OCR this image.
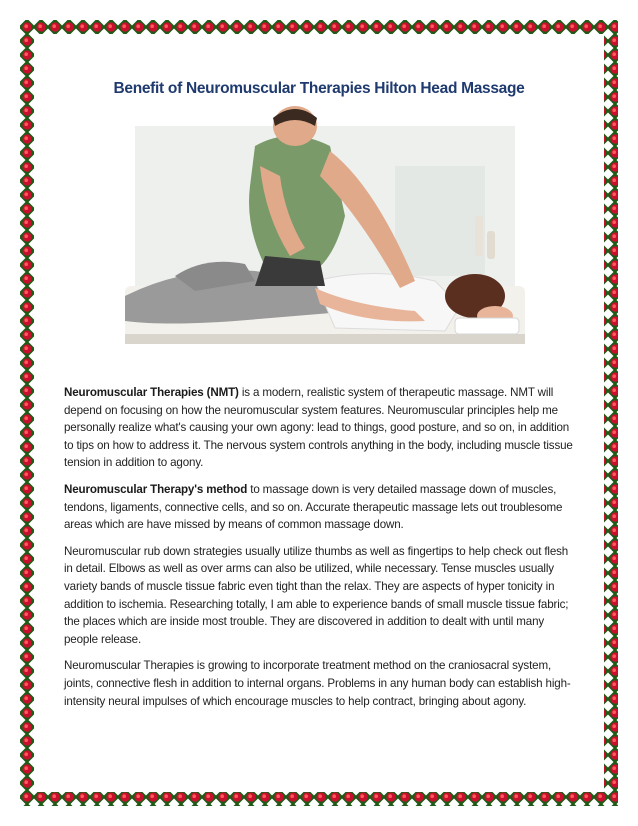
Benefit of Neuromuscular Therapies Hilton Head Massage

Neuromuscular Therapies (NMT) is a modern, realistic system of therapeutic massage. NMT will depend on focusing on how the neuromuscular system features. Neuromuscular principles help me personally realize what's causing your own agony: lead to things, good posture, and so on, in addition to tips on how to address it. The nervous system controls anything in the body, including muscle tissue tension in addition to agony.

Neuromuscular Therapy's method to massage down is very detailed massage down of muscles, tendons, ligaments, connective cells, and so on. Accurate therapeutic massage lets out troublesome areas which are have missed by means of common massage down.

Neuromuscular rub down strategies usually utilize thumbs as well as fingertips to help check out flesh in detail. Elbows as well as over arms can also be utilized, while necessary. Tense muscles usually variety bands of muscle tissue fabric even tight than the relax. They are aspects of hyper tonicity in addition to ischemia. Researching totally, I am able to experience bands of small muscle tissue fabric; the places which are inside most trouble. They are discovered in addition to dealt with until many people release.

Neuromuscular Therapies is growing to incorporate treatment method on the craniosacral system, joints, connective flesh in addition to internal organs. Problems in any human body can establish high-intensity neural impulses of which encourage muscles to help contract, bringing about agony.
